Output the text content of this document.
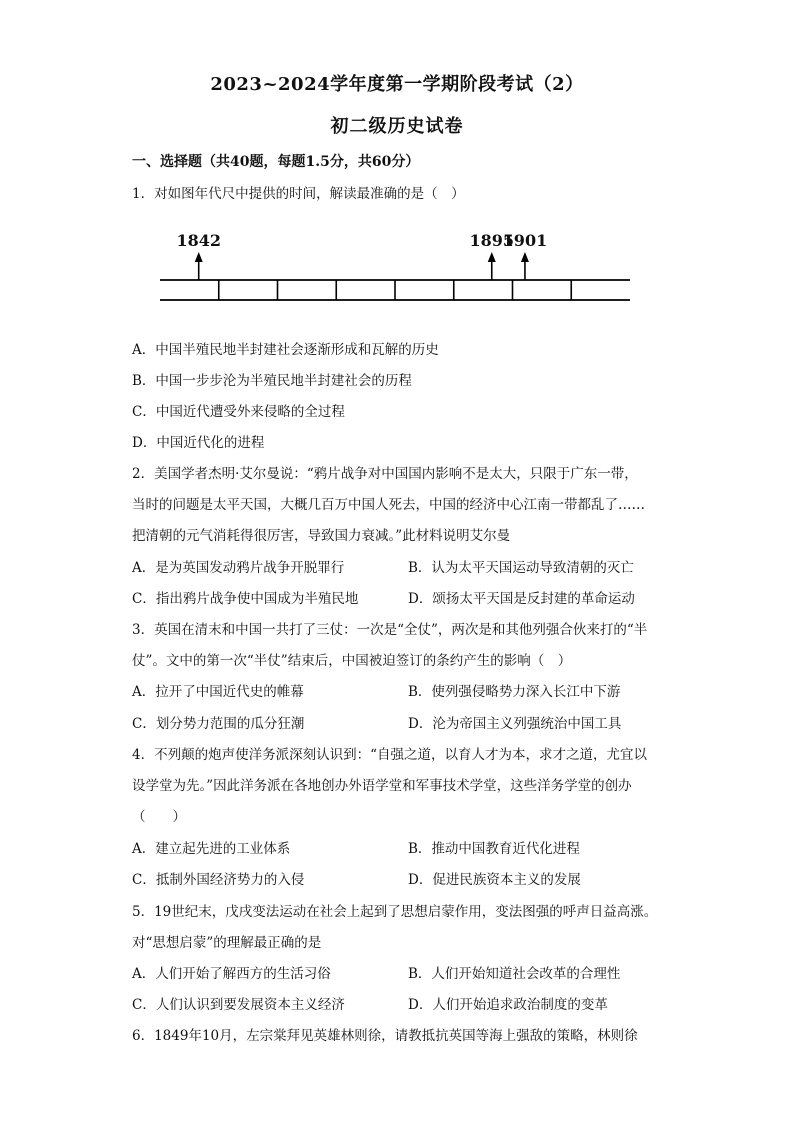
2023~2024学年度第一学期阶段考试（2）
初二级历史试卷
一、选择题（共40题，每题1.5分，共60分）
1．对如图年代尺中提供的时间，解读最准确的是（　）
1842	1895
1901
A．中国半殖民地半封建社会逐渐形成和瓦解的历史
B．中国一步步沦为半殖民地半封建社会的历程
C．中国近代遭受外来侵略的全过程
D．中国近代化的进程
2．美国学者杰明·艾尔曼说：“鸦片战争对中国国内影响不是太大，只限于广东一带，
当时的问题是太平天国，大概几百万中国人死去，中国的经济中心江南一带都乱了……
把清朝的元气消耗得很厉害，导致国力衰减。”此材料说明艾尔曼
A．是为英国发动鸦片战争开脱罪行	B．认为太平天国运动导致清朝的灭亡
C．指出鸦片战争使中国成为半殖民地	D．颂扬太平天国是反封建的革命运动
3．英国在清末和中国一共打了三仗：一次是“全仗”，两次是和其他列强合伙来打的“半
仗”。文中的第一次“半仗”结束后，中国被迫签订的条约产生的影响（　）
A．拉开了中国近代史的帷幕	B．使列强侵略势力深入长江中下游
C．划分势力范围的瓜分狂潮	D．沦为帝国主义列强统治中国工具
4．不列颠的炮声使洋务派深刻认识到：“自强之道，以育人才为本，求才之道，尤宜以
设学堂为先。”因此洋务派在各地创办外语学堂和军事技术学堂，这些洋务学堂的创办
（　　）
A．建立起先进的工业体系	B．推动中国教育近代化进程
C．抵制外国经济势力的入侵	D．促进民族资本主义的发展
5．19世纪末，戊戌变法运动在社会上起到了思想启蒙作用，变法图强的呼声日益高涨。
对“思想启蒙”的理解最正确的是
A．人们开始了解西方的生活习俗	B．人们开始知道社会改革的合理性
C．人们认识到要发展资本主义经济	D．人们开始追求政治制度的变革
6．1849年10月，左宗棠拜见英雄林则徐，请教抵抗英国等海上强敌的策略，林则徐
